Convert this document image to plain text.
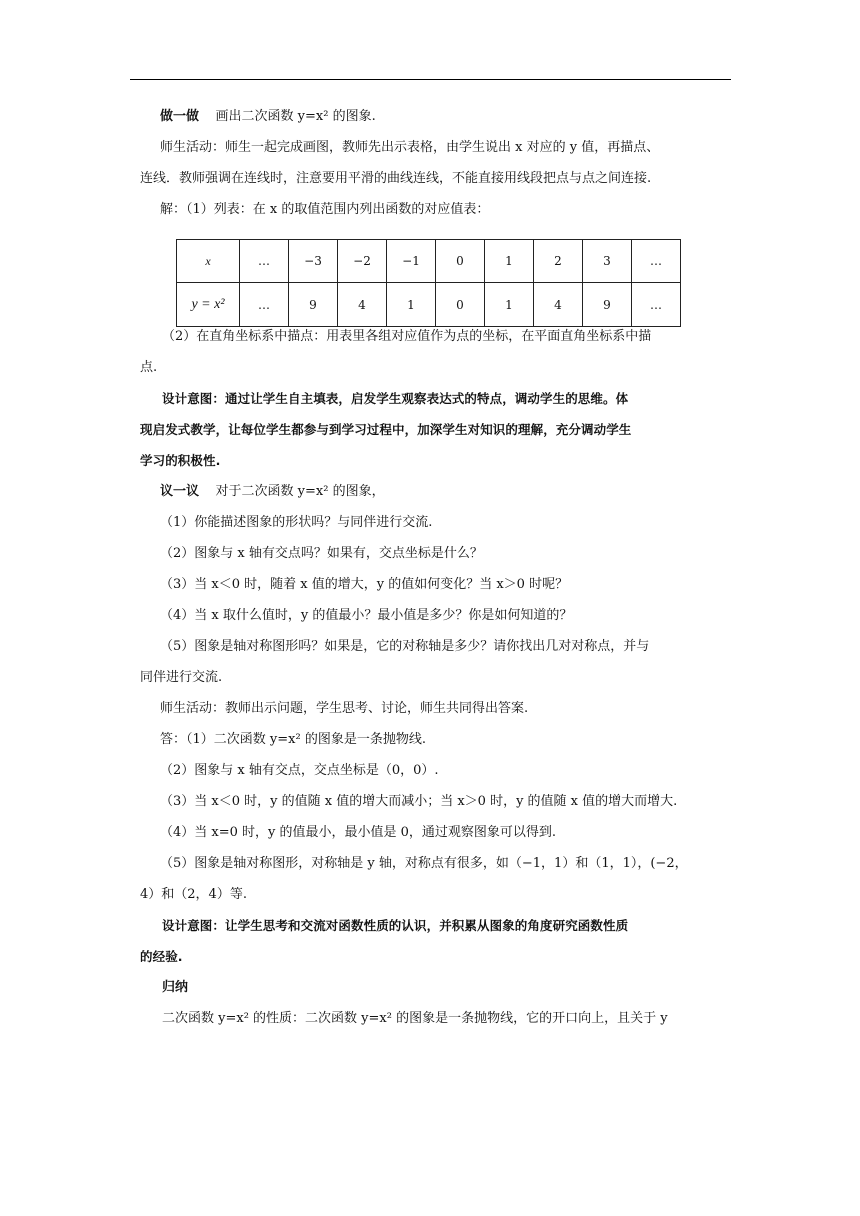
做一做 画出二次函数 y=x² 的图象.

师生活动：师生一起完成画图，教师先出示表格，由学生说出 x 对应的 y 值，再描点、

连线．教师强调在连线时，注意要用平滑的曲线连线，不能直接用线段把点与点之间连接.

解：（1）列表：在 x 的取值范围内列出函数的对应值表：

（2）在直角坐标系中描点：用表里各组对应值作为点的坐标，在平面直角坐标系中描

点.

设计意图：通过让学生自主填表，启发学生观察表达式的特点，调动学生的思维。体

现启发式教学，让每位学生都参与到学习过程中，加深学生对知识的理解，充分调动学生

学习的积极性.

议一议 对于二次函数 y=x² 的图象，

（1）你能描述图象的形状吗？与同伴进行交流.

（2）图象与 x 轴有交点吗？如果有，交点坐标是什么？

（3）当 x＜0 时，随着 x 值的增大，y 的值如何变化？当 x＞0 时呢？

（4）当 x 取什么值时，y 的值最小？最小值是多少？你是如何知道的？

（5）图象是轴对称图形吗？如果是，它的对称轴是多少？请你找出几对对称点，并与

同伴进行交流.

师生活动：教师出示问题，学生思考、讨论，师生共同得出答案.

答：（1）二次函数 y=x² 的图象是一条抛物线.

（2）图象与 x 轴有交点，交点坐标是（0，0）.

（3）当 x＜0 时，y 的值随 x 值的增大而减小；当 x＞0 时，y 的值随 x 值的增大而增大.

（4）当 x=0 时，y 的值最小，最小值是 0，通过观察图象可以得到.

（5）图象是轴对称图形，对称轴是 y 轴，对称点有很多，如（−1，1）和（1，1），(−2，

4）和（2，4）等.

设计意图：让学生思考和交流对函数性质的认识，并积累从图象的角度研究函数性质

的经验.

归纳

二次函数 y=x² 的性质：二次函数 y=x² 的图象是一条抛物线，它的开口向上，且关于 y

x	…	−3	−2	−1	0	1	2	3	…
y = x²	…	9	4	1	0	1	4	9	…
